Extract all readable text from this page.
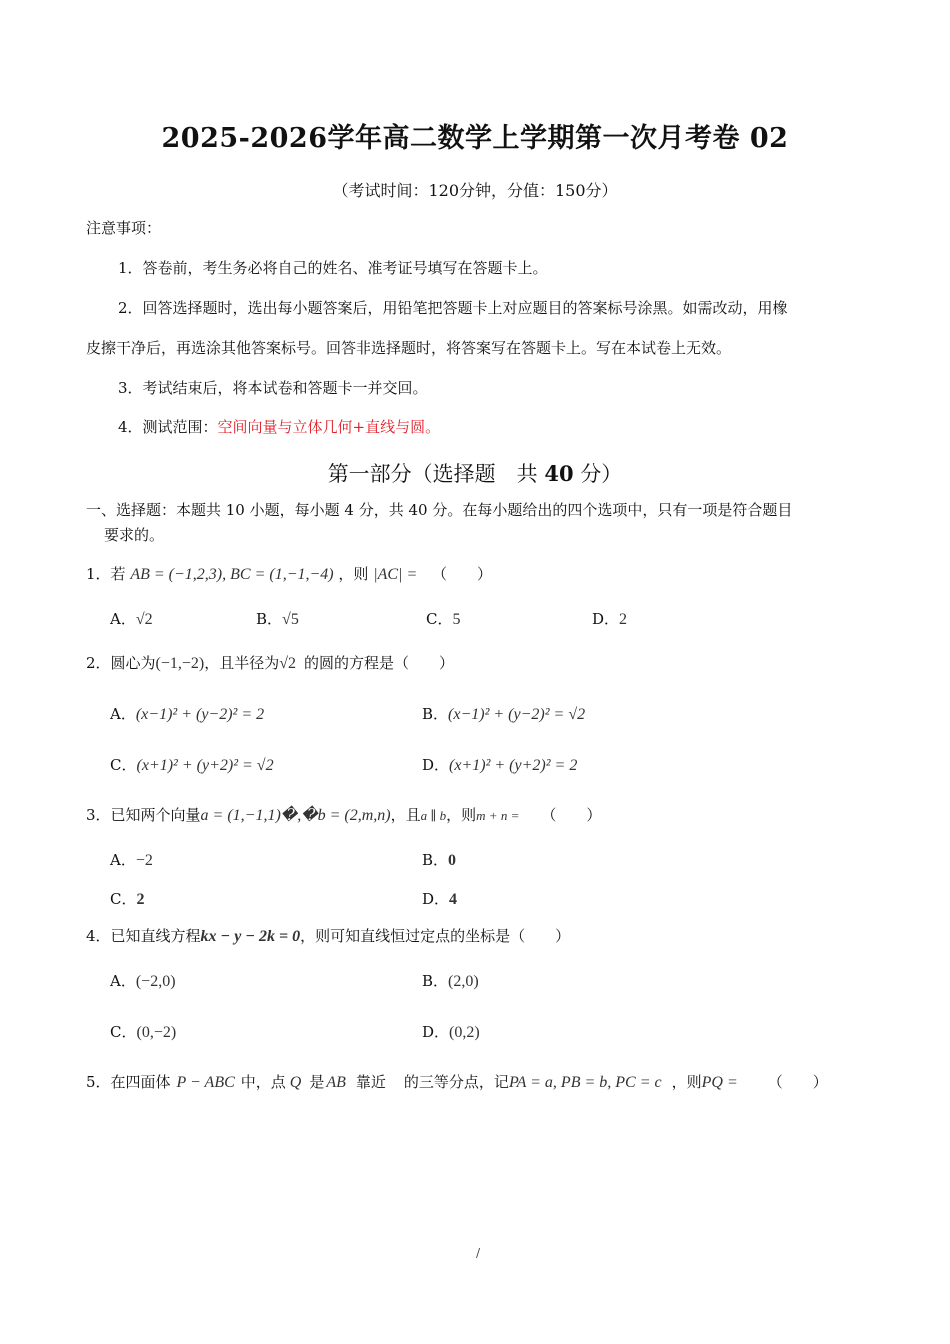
2025-2026学年高二数学上学期第一次月考卷 02
（考试时间：120分钟，分值：150分）
注意事项：
1．答卷前，考生务必将自己的姓名、准考证号填写在答题卡上。
2．回答选择题时，选出每小题答案后，用铅笔把答题卡上对应题目的答案标号涂黑。如需改动，用橡
皮擦干净后，再选涂其他答案标号。回答非选择题时，将答案写在答题卡上。写在本试卷上无效。
3．考试结束后，将本试卷和答题卡一并交回。
4．测试范围：空间向量与立体几何+直线与圆。
第一部分（选择题　共 40 分）
一、选择题：本题共 10 小题，每小题 4 分，共 40 分。在每小题给出的四个选项中，只有一项是符合题目
要求的。
1．若 AB = (−1,2,3), BC = (1,−1,−4) ，则 |AC| = （　　）
A．√2	B．√5	C．5	D．2
2．圆心为(−1,−2)，且半径为√2 的圆的方程是（　　）
A．(x−1)² + (y−2)² = 2	B．(x−1)² + (y−2)² = √2
C．(x+1)² + (y+2)² = √2	D．(x+1)² + (y+2)² = 2
3．已知两个向量a = (1,−1,1)�,�b = (2,m,n)，且a ∥ b，则m + n = （　　）
A．−2	B．0
C．2	D．4
4．已知直线方程kx − y − 2k = 0，则可知直线恒过定点的坐标是（　　）
A．(−2,0)	B．(2,0)
C．(0,−2)	D．(0,2)
5．在四面体 P − ABC 中，点 Q 是 AB 靠近 的三等分点，记PA = a, PB = b, PC = c ，则PQ = （　　）
/
